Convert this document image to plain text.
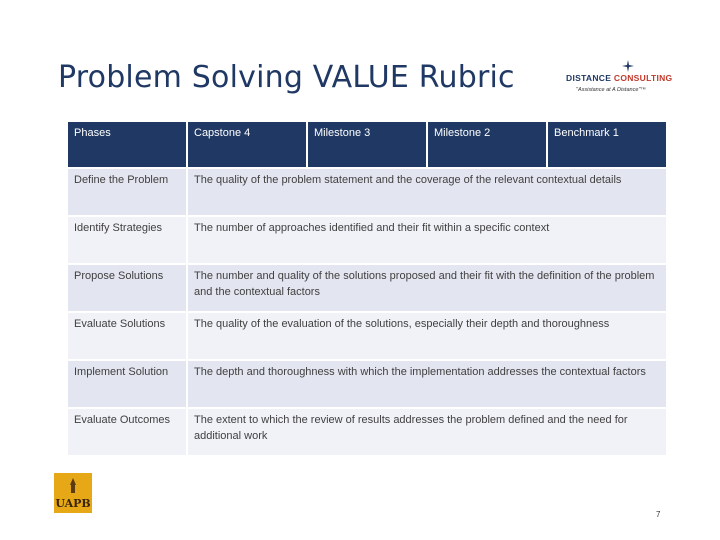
Problem Solving VALUE Rubric	DISTANCE CONSULTING
"Assistance at A Distance"™
Phases	Capstone 4	Milestone 3	Milestone 2	Benchmark 1
Define the Problem	The quality of the problem statement and the coverage of the relevant contextual details			
Identify Strategies	The number of approaches identified and their fit within a specific context			
Propose Solutions	The number and quality of the solutions proposed and their fit with the definition of the problem and the contextual factors			
Evaluate Solutions	The quality of the evaluation of the solutions, especially their depth and thoroughness			
Implement Solution	The depth and thoroughness with which the implementation addresses the contextual factors			
Evaluate Outcomes	The extent to which the review of results addresses the problem defined and the need for additional work			
UAPB
7
